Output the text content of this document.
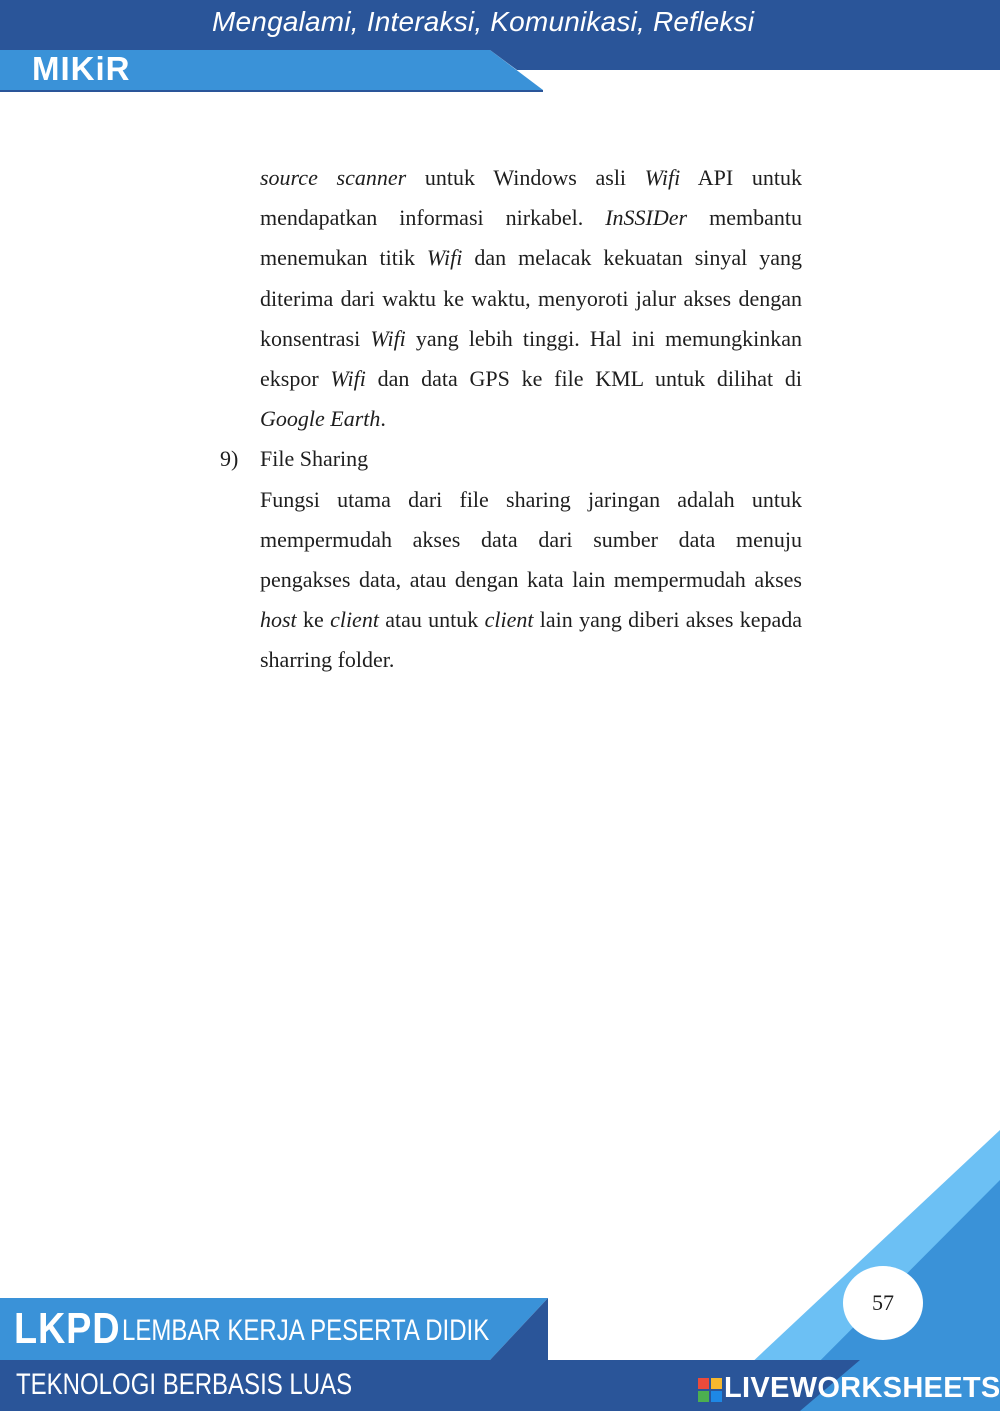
Mengalami, Interaksi, Komunikasi, Refleksi
MIKiR

source scanner untuk Windows asli Wifi API untuk mendapatkan informasi nirkabel. InSSIDer membantu menemukan titik Wifi dan melacak kekuatan sinyal yang diterima dari waktu ke waktu, menyoroti jalur akses dengan konsentrasi Wifi yang lebih tinggi. Hal ini memungkinkan ekspor Wifi dan data GPS ke file KML untuk dilihat di Google Earth.

9) File Sharing

Fungsi utama dari file sharing jaringan adalah untuk mempermudah akses data dari sumber data menuju pengakses data, atau dengan kata lain mempermudah akses host ke client atau untuk client lain yang diberi akses kepada sharring folder.

57
LKPD LEMBAR KERJA PESERTA DIDIK
TEKNOLOGI BERBASIS LUAS	LIVEWORKSHEETS
